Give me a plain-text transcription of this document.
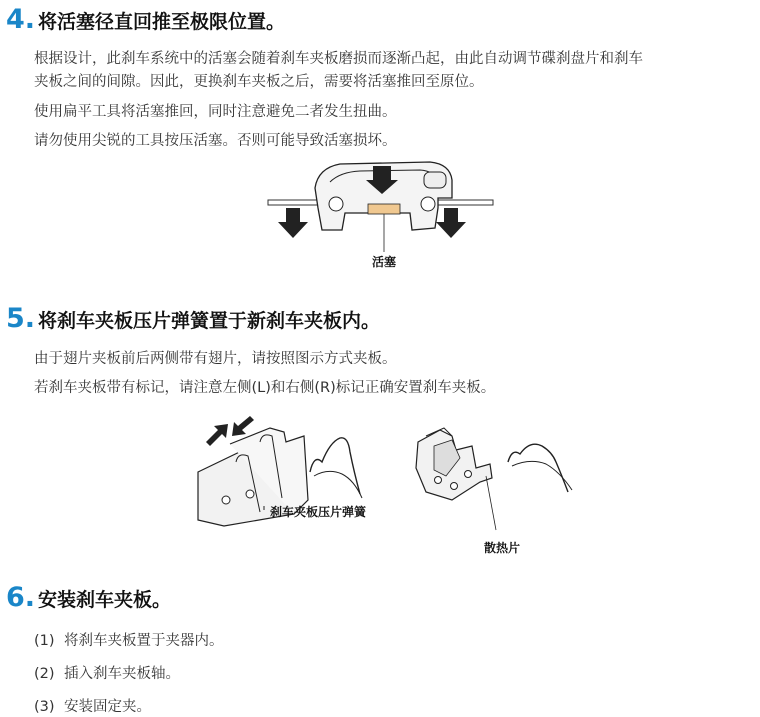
4. 将活塞径直回推至极限位置。
根据设计，此刹车系统中的活塞会随着刹车夹板磨损而逐渐凸起，由此自动调节碟刹盘片和刹车
夹板之间的间隙。因此，更换刹车夹板之后，需要将活塞推回至原位。
使用扁平工具将活塞推回，同时注意避免二者发生扭曲。
请勿使用尖锐的工具按压活塞。否则可能导致活塞损坏。
活塞
5. 将刹车夹板压片弹簧置于新刹车夹板内。
由于翅片夹板前后两侧带有翅片，请按照图示方式夹板。
若刹车夹板带有标记，请注意左侧(L)和右侧(R)标记正确安置刹车夹板。
刹车夹板压片弹簧
散热片
6. 安装刹车夹板。
(1) 将刹车夹板置于夹器内。
(2) 插入刹车夹板轴。
(3) 安装固定夹。
